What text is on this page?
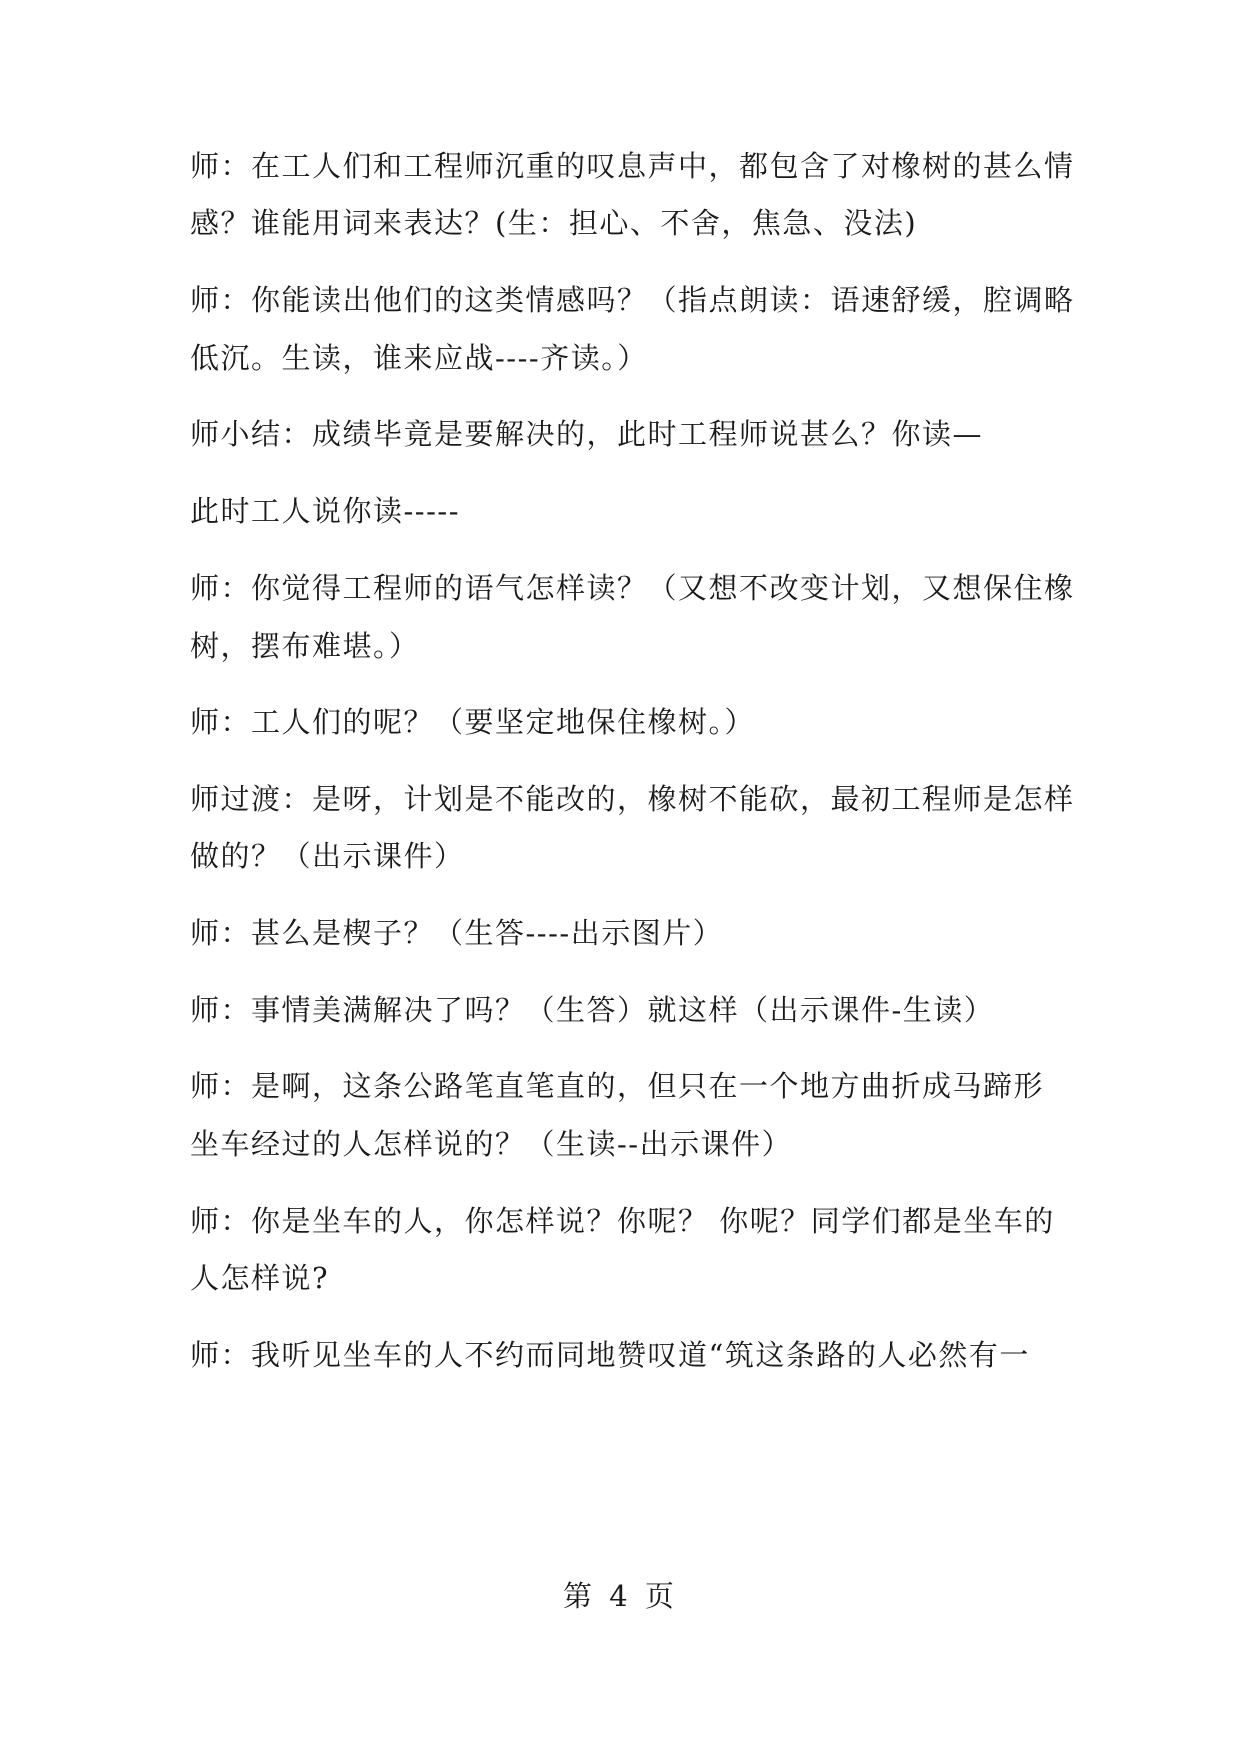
师：在工人们和工程师沉重的叹息声中，都包含了对橡树的甚么情
感？谁能用词来表达？(生：担心、不舍，焦急、没法)
师：你能读出他们的这类情感吗？（指点朗读：语速舒缓，腔调略
低沉。生读，谁来应战----齐读。）
师小结：成绩毕竟是要解决的，此时工程师说甚么？你读—
此时工人说你读-----
师：你觉得工程师的语气怎样读？（又想不改变计划，又想保住橡
树，摆布难堪。）
师：工人们的呢？（要坚定地保住橡树。）
师过渡：是呀，计划是不能改的，橡树不能砍，最初工程师是怎样
做的？（出示课件）
师：甚么是楔子？（生答----出示图片）
师：事情美满解决了吗？（生答）就这样（出示课件-生读）
师：是啊，这条公路笔直笔直的，但只在一个地方曲折成马蹄形
坐车经过的人怎样说的？（生读--出示课件）
师：你是坐车的人，你怎样说？你呢？ 你呢？同学们都是坐车的
人怎样说?
师：我听见坐车的人不约而同地赞叹道“筑这条路的人必然有一
第 4 页
